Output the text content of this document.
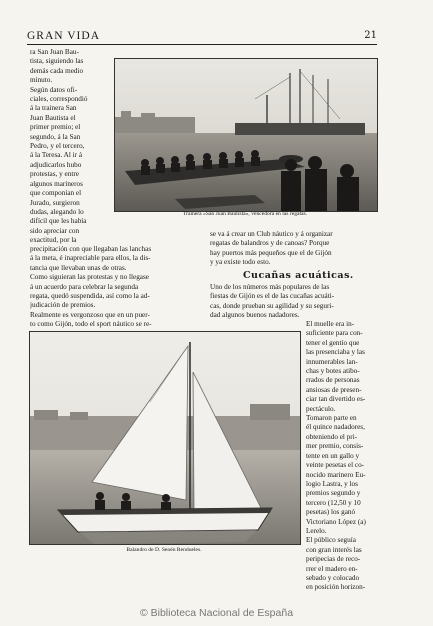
GRAN VIDA	21
ra San Juan Bau-
tista, siguiendo las
demás cada medio
minuto.
Según datos ofi-
ciales, correspondió
á la trainera San
Juan Bautista el
primer premio; el
segundo, á la San
Pedro, y el tercero,
á la Teresa. Al ir á
adjudicarlos hubo
protestas, y entre
algunos marineros
que componían el
Jurado, surgieron
dudas, alegando lo
difícil que les había
sido apreciar con
exactitud, por la
Trainera «San Juan Bautista», vencedora en las regatas.
precipitación con que llegaban las lanchas
á la meta, é inapreciable para ellos, la dis-
tancia que llevaban unas de otras.
Como siguieran las protestas y no llegase
á un acuerdo para celebrar la segunda
regata, quedó suspendida, así como la ad-
judicación de premios.
Realmente es vergonzoso que en un puer-
to como Gijón, todo el sport náutico se re-
se va á crear un Club náutico y á organizar
regatas de balandros y de canoas? Porque
hay puertos más pequeños que el de Gijón
y ya existe todo esto.
Cucañas acuáticas.
Uno de los números más populares de las
fiestas de Gijón es el de las cucañas acuáti-
cas, donde prueban su agilidad y su seguri-
dad algunos buenos nadadores.
El muelle era in-
suficiente para con-
tener el gentío que
las presenciaba y las
innumerables lan-
chas y botes atibo-
rrados de personas
ansiosas de presen-
ciar tan divertido es-
pectáculo.
Tomaron parte en
él quince nadadores,
obteniendo el pri-
mer premio, consis-
tente en un gallo y
veinte pesetas el co-
nocido marinero Eu-
logio Lastra, y los
premios segundo y
tercero (12,50 y 10
pesetas) los ganó
Victoriano López (a)
Lerelo.
El público seguía
con gran interés las
peripecias de reco-
rrer el madero en-
sebado y colocado
en posición horizon-
Balandro de D. Senén Rendueles.
© Biblioteca Nacional de España
